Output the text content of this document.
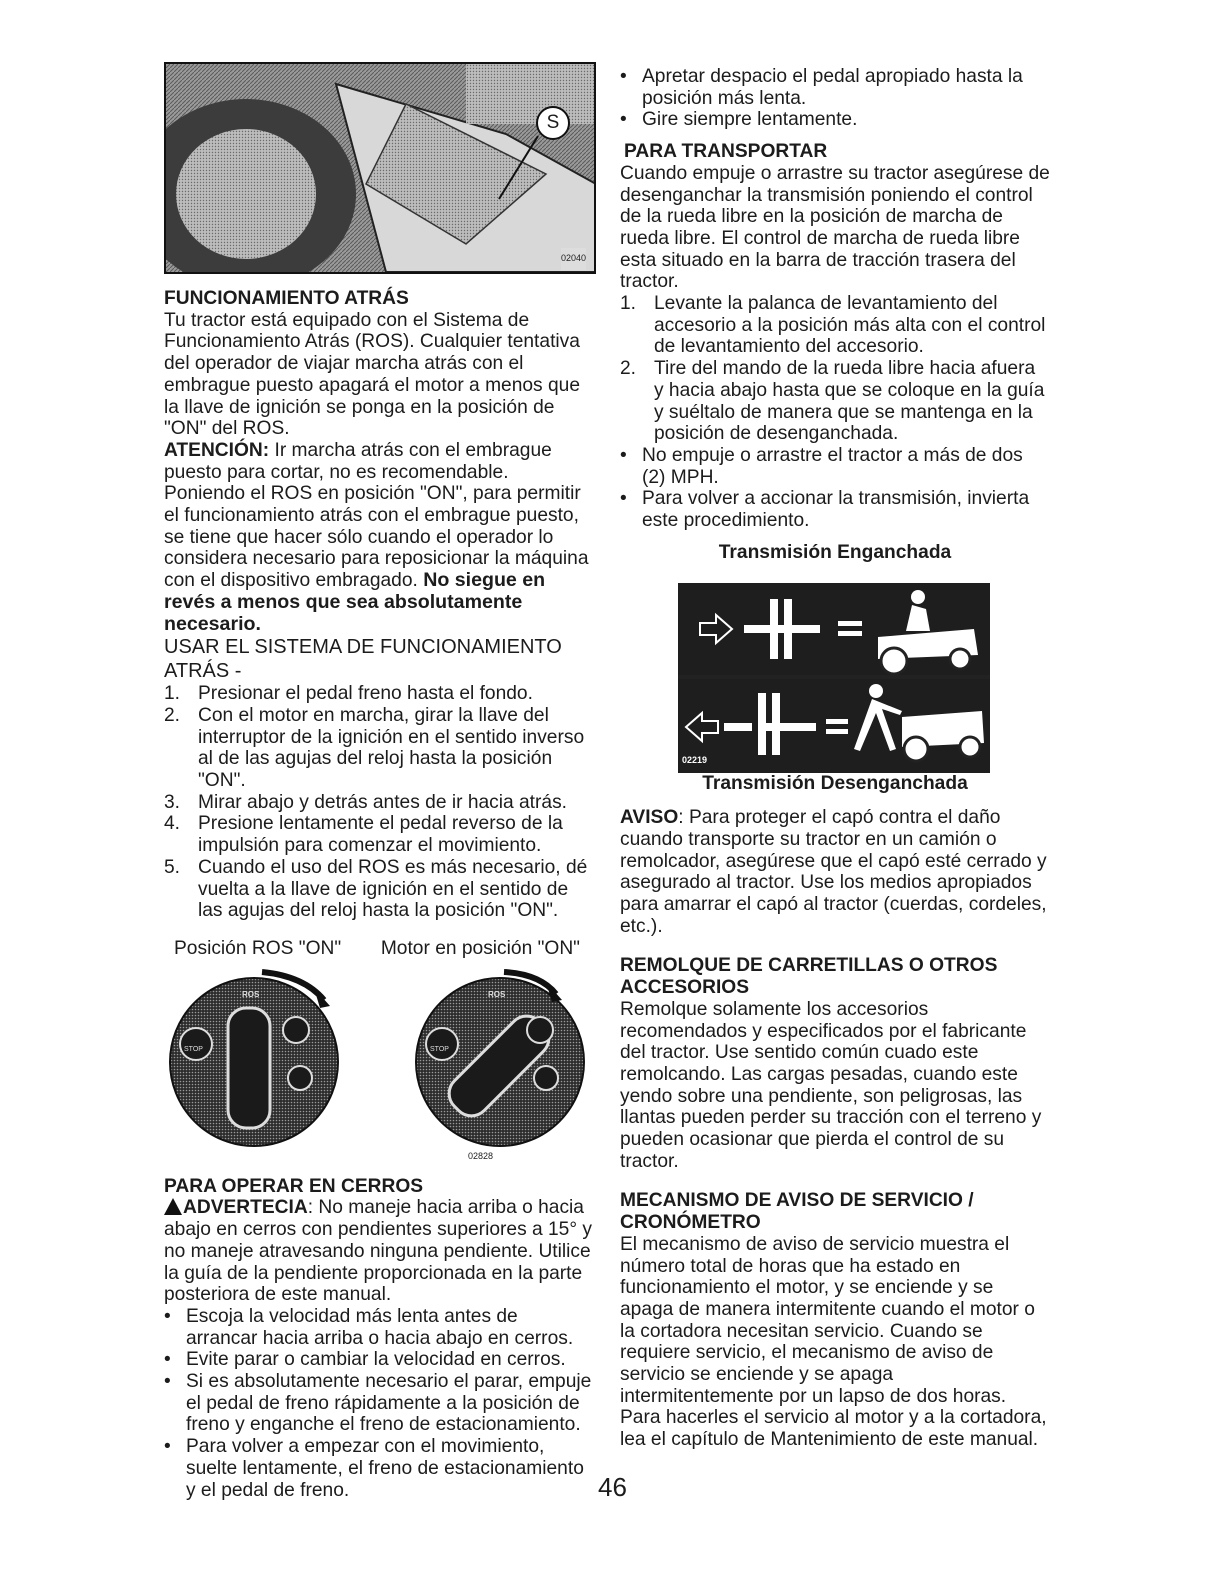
S
02040

FUNCIONAMIENTO ATRÁS

Tu tractor está equipado con el Sistema de Funcionamiento Atrás (ROS). Cualquier tentativa del operador de viajar marcha atrás con el embrague puesto apagará el motor a menos que la llave de ignición se ponga en la posición de "ON" del ROS.

ATENCIÓN: Ir marcha atrás con el embrague puesto para cortar, no es recomendable. Poniendo el ROS en posición "ON", para permitir el funcionamiento atrás con el embrague puesto, se tiene que hacer sólo cuando el operador lo considera necesario para reposicionar la máquina con el dispositivo embragado. No siegue en revés a menos que sea absolutamente necesario.

USAR EL SISTEMA DE FUNCIONAMIENTO ATRÁS -

1. Presionar el pedal freno hasta el fondo.
2. Con el motor en marcha, girar la llave del interruptor de la ignición en el sentido inverso al de las agujas del reloj hasta la posición "ON".
3. Mirar abajo y detrás antes de ir hacia atrás.
4. Presione lentamente el pedal reverso de la impulsión para comenzar el movimiento.
5. Cuando el uso del ROS es más necesario, dé vuelta a la llave de ignición en el sentido de las agujas del reloj hasta la posición "ON".
Posición ROS "ON" Motor en posición "ON"
STOP
ROS
STOP
ROS
02828

PARA OPERAR EN CERROS

ADVERTECIA: No maneje hacia arriba o hacia abajo en cerros con pendientes superiores a 15° y no maneje atravesando ninguna pendiente. Utilice la guía de la pendiente proporcionada en la parte posteriora de este manual.

• Escoja la velocidad más lenta antes de arrancar hacia arriba o hacia abajo en cerros.
• Evite parar o cambiar la velocidad en cerros.
• Si es absolutamente necesario el parar, empuje el pedal de freno rápidamente a la posición de freno y enganche el freno de estacionamiento.
• Para volver a empezar con el movimiento, suelte lentamente, el freno de estacionamiento y el pedal de freno.
• Apretar despacio el pedal apropiado hasta la posición más lenta.
• Gire siempre lentamente.

PARA TRANSPORTAR

Cuando empuje o arrastre su tractor asegúrese de desenganchar la transmisión poniendo el control de la rueda libre en la posición de marcha de rueda libre. El control de marcha de rueda libre esta situado en la barra de tracción trasera del tractor.

1. Levante la palanca de levantamiento del accesorio a la posición más alta con el control de levantamiento del accesorio.
2. Tire del mando de la rueda libre hacia afuera y hacia abajo hasta que se coloque en la guía y suéltalo de manera que se mantenga en la posición de desenganchada.
• No empuje o arrastre el tractor a más de dos (2) MPH.
• Para volver a accionar la transmisión, invierta este procedimiento.

Transmisión Enganchada

02219

Transmisión Desenganchada

AVISO: Para proteger el capó contra el daño cuando transporte su tractor en un camión o remolcador, asegúrese que el capó esté cerrado y asegurado al tractor. Use los medios apropiados para amarrar el capó al tractor (cuerdas, cordeles, etc.).

REMOLQUE DE CARRETILLAS O OTROS ACCESORIOS

Remolque solamente los accesorios recomendados y especificados por el fabricante del tractor. Use sentido común cuado este remolcando. Las cargas pesadas, cuando este yendo sobre una pendiente, son peligrosas, las llantas pueden perder su tracción con el terreno y pueden ocasionar que pierda el control de su tractor.

MECANISMO DE AVISO DE SERVICIO / CRONÓMETRO

El mecanismo de aviso de servicio muestra el número total de horas que ha estado en funcionamiento el motor, y se enciende y se apaga de manera intermitente cuando el motor o la cortadora necesitan servicio. Cuando se requiere servicio, el mecanismo de aviso de servicio se enciende y se apaga intermitentemente por un lapso de dos horas. Para hacerles el servicio al motor y a la cortadora, lea el capítulo de Mantenimiento de este manual.

46
